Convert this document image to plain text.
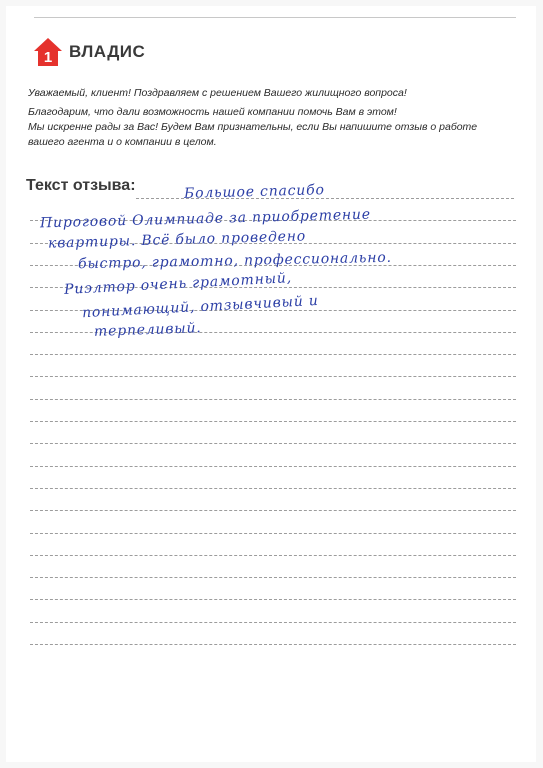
1 ВЛАДИС

Уважаемый, клиент! Поздравляем с решением Вашего жилищного вопроса!

Благодарим, что дали возможность нашей компании помочь Вам в этом!
Мы искренне рады за Вас! Будем Вам признательны, если Вы напишите отзыв о работе
вашего агента и о компании в целом.
Текст отзыва:	Большое спасибо

Пироговой Олимпиаде за приобретение

квартиры. Всё было проведено

быстро, грамотно, профессионально.

Риэлтор очень грамотный,

понимающий, отзывчивый и

терпеливый.
